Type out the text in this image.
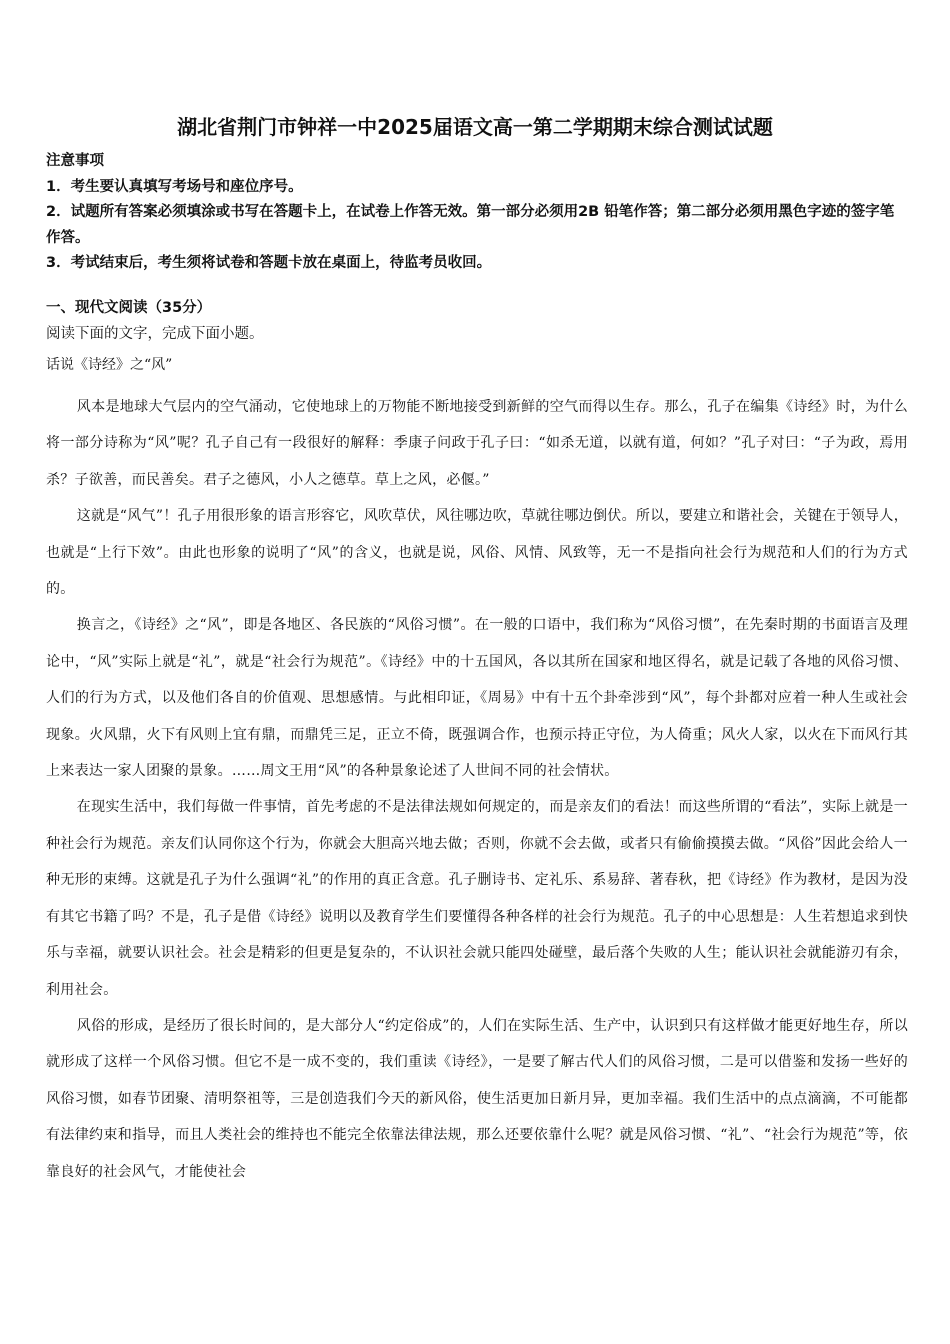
湖北省荆门市钟祥一中2025届语文高一第二学期期末综合测试试题
注意事项
1．考生要认真填写考场号和座位序号。
2．试题所有答案必须填涂或书写在答题卡上，在试卷上作答无效。第一部分必须用2B 铅笔作答；第二部分必须用黑色字迹的签字笔作答。
3．考试结束后，考生须将试卷和答题卡放在桌面上，待监考员收回。
一、现代文阅读（35分）
阅读下面的文字，完成下面小题。
话说《诗经》之“风”

风本是地球大气层内的空气涌动，它使地球上的万物能不断地接受到新鲜的空气而得以生存。那么，孔子在编集《诗经》时，为什么将一部分诗称为“风”呢？孔子自己有一段很好的解释：季康子问政于孔子曰：“如杀无道，以就有道，何如？”孔子对曰：“子为政，焉用杀？子欲善，而民善矣。君子之德风，小人之德草。草上之风，必偃。”

这就是“风气”！孔子用很形象的语言形容它，风吹草伏，风往哪边吹，草就往哪边倒伏。所以，要建立和谐社会，关键在于领导人，也就是“上行下效”。由此也形象的说明了“风”的含义，也就是说，风俗、风情、风致等，无一不是指向社会行为规范和人们的行为方式的。

换言之，《诗经》之“风”，即是各地区、各民族的“风俗习惯”。在一般的口语中，我们称为“风俗习惯”，在先秦时期的书面语言及理论中，“风”实际上就是“礼”，就是“社会行为规范”。《诗经》中的十五国风，各以其所在国家和地区得名，就是记载了各地的风俗习惯、人们的行为方式，以及他们各自的价值观、思想感情。与此相印证，《周易》中有十五个卦牵涉到“风”，每个卦都对应着一种人生或社会现象。火风鼎，火下有风则上宜有鼎，而鼎凭三足，正立不倚，既强调合作，也预示持正守位，为人倚重；风火人家，以火在下而风行其上来表达一家人团聚的景象。……周文王用“风”的各种景象论述了人世间不同的社会情状。

在现实生活中，我们每做一件事情，首先考虑的不是法律法规如何规定的，而是亲友们的看法！而这些所谓的“看法”，实际上就是一种社会行为规范。亲友们认同你这个行为，你就会大胆高兴地去做；否则，你就不会去做，或者只有偷偷摸摸去做。“风俗”因此会给人一种无形的束缚。这就是孔子为什么强调“礼”的作用的真正含意。孔子删诗书、定礼乐、系易辞、著春秋，把《诗经》作为教材，是因为没有其它书籍了吗？不是，孔子是借《诗经》说明以及教育学生们要懂得各种各样的社会行为规范。孔子的中心思想是：人生若想追求到快乐与幸福，就要认识社会。社会是精彩的但更是复杂的，不认识社会就只能四处碰壁，最后落个失败的人生；能认识社会就能游刃有余，利用社会。

风俗的形成，是经历了很长时间的，是大部分人“约定俗成”的，人们在实际生活、生产中，认识到只有这样做才能更好地生存，所以就形成了这样一个风俗习惯。但它不是一成不变的，我们重读《诗经》，一是要了解古代人们的风俗习惯，二是可以借鉴和发扬一些好的风俗习惯，如春节团聚、清明祭祖等，三是创造我们今天的新风俗，使生活更加日新月异，更加幸福。我们生活中的点点滴滴，不可能都有法律约束和指导，而且人类社会的维持也不能完全依靠法律法规，那么还要依靠什么呢？就是风俗习惯、“礼”、“社会行为规范”等，依靠良好的社会风气，才能使社会
